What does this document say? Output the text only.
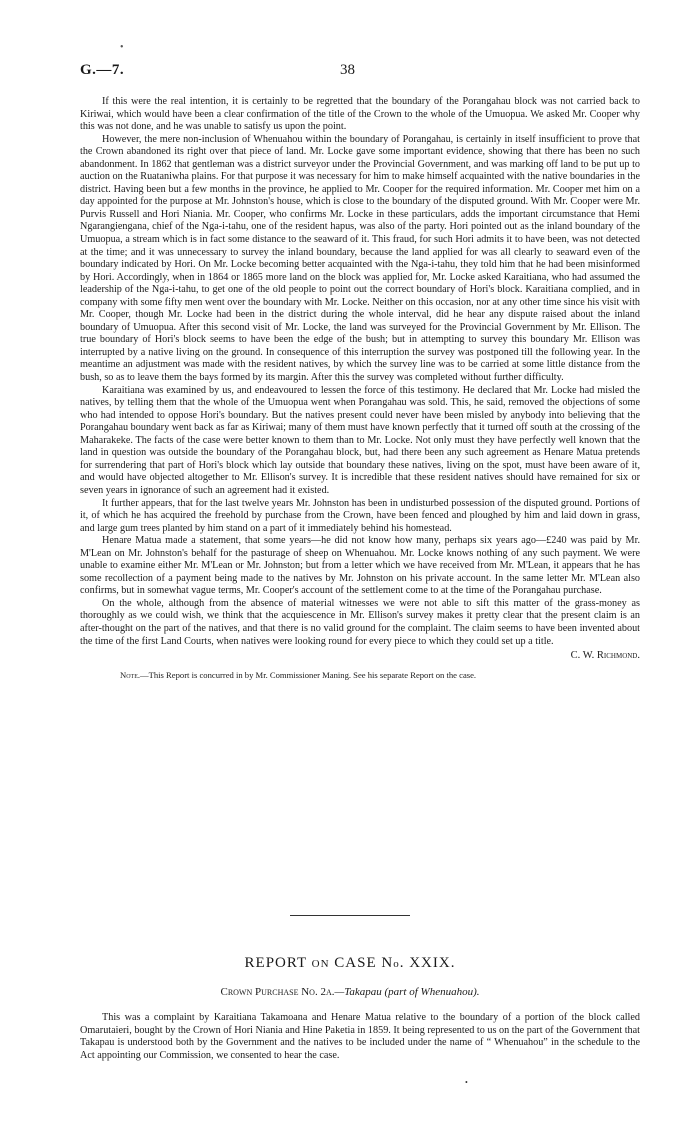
•
G.—7.	38

If this were the real intention, it is certainly to be regretted that the boundary of the Porangahau block was not carried back to Kiriwai, which would have been a clear confirmation of the title of the Crown to the whole of the Umuopua. We asked Mr. Cooper why this was not done, and he was unable to satisfy us upon the point.

However, the mere non-inclusion of Whenuahou within the boundary of Porangahau, is certainly in itself insufficient to prove that the Crown abandoned its right over that piece of land. Mr. Locke gave some important evidence, showing that there has been no such abandonment. In 1862 that gentleman was a district surveyor under the Provincial Government, and was marking off land to be put up to auction on the Ruataniwha plains. For that purpose it was necessary for him to make himself acquainted with the native boundaries in the district. Having been but a few months in the province, he applied to Mr. Cooper for the required information. Mr. Cooper met him on a day appointed for the purpose at Mr. Johnston's house, which is close to the boundary of the disputed ground. With Mr. Cooper were Mr. Purvis Russell and Hori Niania. Mr. Cooper, who confirms Mr. Locke in these particulars, adds the important circumstance that Hemi Ngarangiengana, chief of the Nga-i-tahu, one of the resident hapus, was also of the party. Hori pointed out as the inland boundary of the Umuopua, a stream which is in fact some distance to the seaward of it. This fraud, for such Hori admits it to have been, was not detected at the time; and it was unnecessary to survey the inland boundary, because the land applied for was all clearly to seaward even of the boundary indicated by Hori. On Mr. Locke becoming better acquainted with the Nga-i-tahu, they told him that he had been misinformed by Hori. Accordingly, when in 1864 or 1865 more land on the block was applied for, Mr. Locke asked Karaitiana, who had assumed the leadership of the Nga-i-tahu, to get one of the old people to point out the correct boundary of Hori's block. Karaitiana complied, and in company with some fifty men went over the boundary with Mr. Locke. Neither on this occasion, nor at any other time since his visit with Mr. Cooper, though Mr. Locke had been in the district during the whole interval, did he hear any dispute raised about the inland boundary of Umuopua. After this second visit of Mr. Locke, the land was surveyed for the Provincial Government by Mr. Ellison. The true boundary of Hori's block seems to have been the edge of the bush; but in attempting to survey this boundary Mr. Ellison was interrupted by a native living on the ground. In consequence of this interruption the survey was postponed till the following year. In the meantime an adjustment was made with the resident natives, by which the survey line was to be carried at some little distance from the bush, so as to leave them the bays formed by its margin. After this the survey was completed without further difficulty.

Karaitiana was examined by us, and endeavoured to lessen the force of this testimony. He declared that Mr. Locke had misled the natives, by telling them that the whole of the Umuopua went when Porangahau was sold. This, he said, removed the objections of some who had intended to oppose Hori's boundary. But the natives present could never have been misled by anybody into believing that the Porangahau boundary went back as far as Kiriwai; many of them must have known perfectly that it turned off south at the crossing of the Maharakeke. The facts of the case were better known to them than to Mr. Locke. Not only must they have perfectly well known that the land in question was outside the boundary of the Porangahau block, but, had there been any such agreement as Henare Matua pretends for surrendering that part of Hori's block which lay outside that boundary these natives, living on the spot, must have been aware of it, and would have objected altogether to Mr. Ellison's survey. It is incredible that these resident natives should have remained for six or seven years in ignorance of such an agreement had it existed.

It further appears, that for the last twelve years Mr. Johnston has been in undisturbed possession of the disputed ground. Portions of it, of which he has acquired the freehold by purchase from the Crown, have been fenced and ploughed by him and laid down in grass, and large gum trees planted by him stand on a part of it immediately behind his homestead.

Henare Matua made a statement, that some years—he did not know how many, perhaps six years ago—£240 was paid by Mr. M'Lean on Mr. Johnston's behalf for the pasturage of sheep on Whenuahou. Mr. Locke knows nothing of any such payment. We were unable to examine either Mr. M'Lean or Mr. Johnston; but from a letter which we have received from Mr. M'Lean, it appears that he has some recollection of a payment being made to the natives by Mr. Johnston on his private account. In the same letter Mr. M'Lean also confirms, but in somewhat vague terms, Mr. Cooper's account of the settlement come to at the time of the Porangahau purchase.

On the whole, although from the absence of material witnesses we were not able to sift this matter of the grass-money as thoroughly as we could wish, we think that the acquiescence in Mr. Ellison's survey makes it pretty clear that the present claim is an after-thought on the part of the natives, and that there is no valid ground for the complaint. The claim seems to have been invented about the time of the first Land Courts, when natives were looking round for every piece to which they could set up a title.

C. W. Richmond.
Note.—This Report is concurred in by Mr. Commissioner Maning. See his separate Report on the case.
REPORT ON CASE No. XXIX.
Crown Purchase No. 2a.—Takapau (part of Whenuahou).

This was a complaint by Karaitiana Takamoana and Henare Matua relative to the boundary of a portion of the block called Omarutaieri, bought by the Crown of Hori Niania and Hine Paketia in 1859. It being represented to us on the part of the Government that Takapau is understood both by the Government and the natives to be included under the name of “ Whenuahou” in the schedule to the Act appointing our Commission, we consented to hear the case.

•
